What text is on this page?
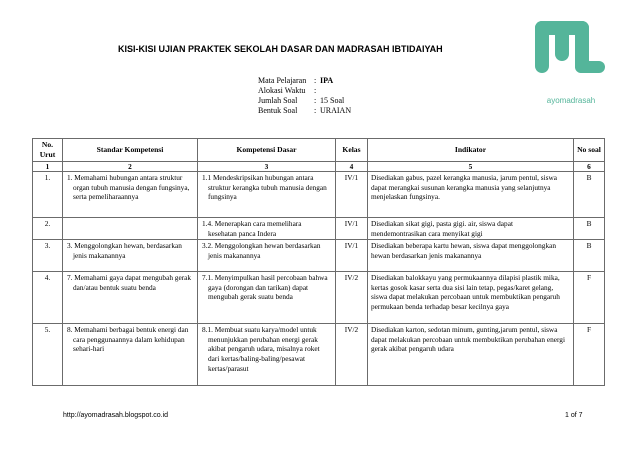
KISI-KISI UJIAN PRAKTEK SEKOLAH DASAR DAN MADRASAH IBTIDAIYAH
ayomadrasah
Mata Pelajaran : IPA
Alokasi Waktu :
Jumlah Soal : 15 Soal
Bentuk Soal : URAIAN
No. Urut	Standar Kompetensi	Kompetensi Dasar	Kelas	Indikator	No soal
1	2	3	4	5	6
1.	1. Memahami hubungan antara struktur organ tubuh manusia dengan fungsinya, serta pemeliharaannya	1.1 Mendeskripsikan hubungan antara struktur kerangka tubuh manusia dengan fungsinya	IV/1	Disediakan gabus, pazel kerangka manusia, jarum pentul, siswa dapat merangkai susunan kerangka manusia yang selanjutnya menjelaskan fungsinya.	B
2.		1.4. Menerapkan cara memelihara kesehatan panca Indera	IV/1	Disediakan sikat gigi, pasta gigi. air, siswa dapat mendemontrasikan cara menyikat gigi	B
3.	3. Menggolongkan hewan, berdasarkan jenis makanannya	3.2. Menggolongkan hewan berdasarkan jenis makanannya	IV/1	Disediakan beberapa kartu hewan, siswa dapat menggolongkan hewan berdasarkan jenis makanannya	B
4.	7. Memahami gaya dapat mengubah gerak dan/atau bentuk suatu benda	7.1. Menyimpulkan hasil percobaan bahwa gaya (dorongan dan tarikan) dapat mengubah gerak suatu benda	IV/2	Disediakan balokkayu yang permukaannya dilapisi plastik mika, kertas gosok kasar serta dua sisi lain tetap, pegas/karet gelang, siswa dapat melakukan percobaan untuk membuktikan pengaruh permukaan benda terhadap besar kecilnya gaya	F
5.	8. Memahami berbagai bentuk energi dan cara penggunaannya dalam kehidupan sehari-hari	8.1. Membuat suatu karya/model untuk menunjukkan perubahan energi gerak akibat pengaruh udara, misalnya roket dari kertas/baling-baling/pesawat kertas/parasut	IV/2	Disediakan karton, sedotan minum, gunting,jarum pentul, siswa dapat melakukan percobaan untuk membuktikan perubahan energi gerak akibat pengaruh udara	F
http://ayomadrasah.blogspot.co.id	1 of 7
